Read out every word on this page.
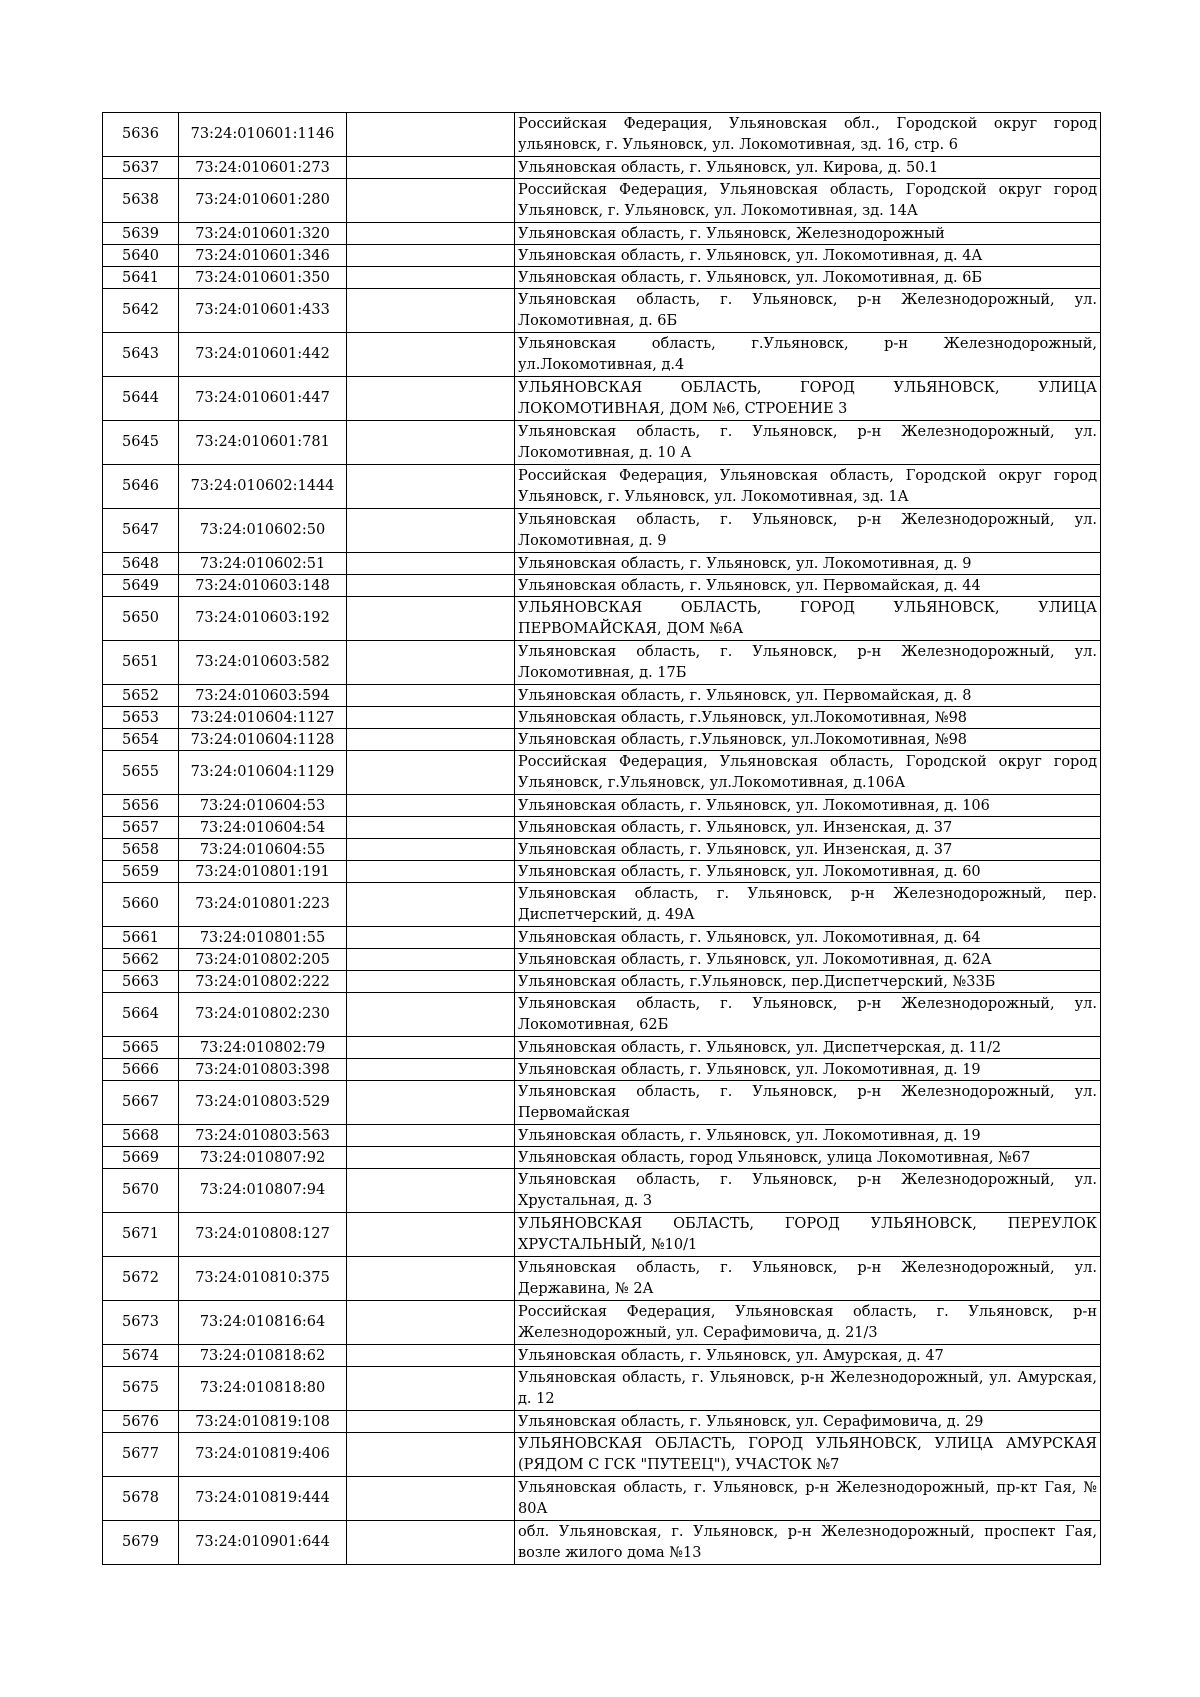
5636	73:24:010601:1146		Российская Федерация, Ульяновская обл., Городской округ город ульяновск, г. Ульяновск, ул. Локомотивная, зд. 16, стр. 6
5637	73:24:010601:273		Ульяновская область, г. Ульяновск, ул. Кирова, д. 50.1
5638	73:24:010601:280		Российская Федерация, Ульяновская область, Городской округ город Ульяновск, г. Ульяновск, ул. Локомотивная, зд. 14А
5639	73:24:010601:320		Ульяновская область, г. Ульяновск, Железнодорожный
5640	73:24:010601:346		Ульяновская область, г. Ульяновск, ул. Локомотивная, д. 4А
5641	73:24:010601:350		Ульяновская область, г. Ульяновск, ул. Локомотивная, д. 6Б
5642	73:24:010601:433		Ульяновская область, г. Ульяновск, р-н Железнодорожный, ул. Локомотивная, д. 6Б
5643	73:24:010601:442		Ульяновская область, г.Ульяновск, р-н Железнодорожный, ул.Локомотивная, д.4
5644	73:24:010601:447		УЛЬЯНОВСКАЯ ОБЛАСТЬ, ГОРОД УЛЬЯНОВСК, УЛИЦА ЛОКОМОТИВНАЯ, ДОМ №6, СТРОЕНИЕ 3
5645	73:24:010601:781		Ульяновская область, г. Ульяновск, р-н Железнодорожный, ул. Локомотивная, д. 10 А
5646	73:24:010602:1444		Российская Федерация, Ульяновская область, Городской округ город Ульяновск, г. Ульяновск, ул. Локомотивная, зд. 1А
5647	73:24:010602:50		Ульяновская область, г. Ульяновск, р-н Железнодорожный, ул. Локомотивная, д. 9
5648	73:24:010602:51		Ульяновская область, г. Ульяновск, ул. Локомотивная, д. 9
5649	73:24:010603:148		Ульяновская область, г. Ульяновск, ул. Первомайская, д. 44
5650	73:24:010603:192		УЛЬЯНОВСКАЯ ОБЛАСТЬ, ГОРОД УЛЬЯНОВСК, УЛИЦА ПЕРВОМАЙСКАЯ, ДОМ №6А
5651	73:24:010603:582		Ульяновская область, г. Ульяновск, р-н Железнодорожный, ул. Локомотивная, д. 17Б
5652	73:24:010603:594		Ульяновская область, г. Ульяновск, ул. Первомайская, д. 8
5653	73:24:010604:1127		Ульяновская область, г.Ульяновск, ул.Локомотивная, №98
5654	73:24:010604:1128		Ульяновская область, г.Ульяновск, ул.Локомотивная, №98
5655	73:24:010604:1129		Российская Федерация, Ульяновская область, Городской округ город Ульяновск, г.Ульяновск, ул.Локомотивная, д.106А
5656	73:24:010604:53		Ульяновская область, г. Ульяновск, ул. Локомотивная, д. 106
5657	73:24:010604:54		Ульяновская область, г. Ульяновск, ул. Инзенская, д. 37
5658	73:24:010604:55		Ульяновская область, г. Ульяновск, ул. Инзенская, д. 37
5659	73:24:010801:191		Ульяновская область, г. Ульяновск, ул. Локомотивная, д. 60
5660	73:24:010801:223		Ульяновская область, г. Ульяновск, р-н Железнодорожный, пер. Диспетчерский, д. 49А
5661	73:24:010801:55		Ульяновская область, г. Ульяновск, ул. Локомотивная, д. 64
5662	73:24:010802:205		Ульяновская область, г. Ульяновск, ул. Локомотивная, д. 62А
5663	73:24:010802:222		Ульяновская область, г.Ульяновск, пер.Диспетчерский, №33Б
5664	73:24:010802:230		Ульяновская область, г. Ульяновск, р-н Железнодорожный, ул. Локомотивная, 62Б
5665	73:24:010802:79		Ульяновская область, г. Ульяновск, ул. Диспетчерская, д. 11/2
5666	73:24:010803:398		Ульяновская область, г. Ульяновск, ул. Локомотивная, д. 19
5667	73:24:010803:529		Ульяновская область, г. Ульяновск, р-н Железнодорожный, ул. Первомайская
5668	73:24:010803:563		Ульяновская область, г. Ульяновск, ул. Локомотивная, д. 19
5669	73:24:010807:92		Ульяновская область, город Ульяновск, улица Локомотивная, №67
5670	73:24:010807:94		Ульяновская область, г. Ульяновск, р-н Железнодорожный, ул. Хрустальная, д. 3
5671	73:24:010808:127		УЛЬЯНОВСКАЯ ОБЛАСТЬ, ГОРОД УЛЬЯНОВСК, ПЕРЕУЛОК ХРУСТАЛЬНЫЙ, №10/1
5672	73:24:010810:375		Ульяновская область, г. Ульяновск, р-н Железнодорожный, ул. Державина, № 2А
5673	73:24:010816:64		Российская Федерация, Ульяновская область, г. Ульяновск, р-н Железнодорожный, ул. Серафимовича, д. 21/3
5674	73:24:010818:62		Ульяновская область, г. Ульяновск, ул. Амурская, д. 47
5675	73:24:010818:80		Ульяновская область, г. Ульяновск, р-н Железнодорожный, ул. Амурская, д. 12
5676	73:24:010819:108		Ульяновская область, г. Ульяновск, ул. Серафимовича, д. 29
5677	73:24:010819:406		УЛЬЯНОВСКАЯ ОБЛАСТЬ, ГОРОД УЛЬЯНОВСК, УЛИЦА АМУРСКАЯ (РЯДОМ С ГСК "ПУТЕЕЦ"), УЧАСТОК №7
5678	73:24:010819:444		Ульяновская область, г. Ульяновск, р-н Железнодорожный, пр-кт Гая, № 80А
5679	73:24:010901:644		обл. Ульяновская, г. Ульяновск, р-н Железнодорожный, проспект Гая, возле жилого дома №13
